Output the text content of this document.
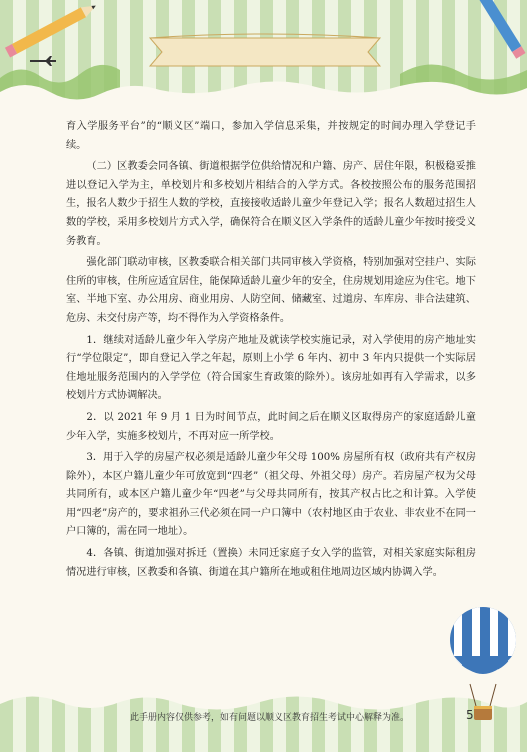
育入学服务平台”的“顺义区”端口，参加入学信息采集，并按规定的时间办理入学登记手续。

（二）区教委会同各镇、街道根据学位供给情况和户籍、房产、居住年限，积极稳妥推进以登记入学为主，单校划片和多校划片相结合的入学方式。各校按照公布的服务范围招生，报名人数少于招生人数的学校，直接接收适龄儿童少年登记入学；报名人数超过招生人数的学校，采用多校划片方式入学，确保符合在顺义区入学条件的适龄儿童少年按时接受义务教育。

强化部门联动审核，区教委联合相关部门共同审核入学资格，特别加强对空挂户、实际住所的审核，住所应适宜居住，能保障适龄儿童少年的安全，住房规划用途应为住宅。地下室、半地下室、办公用房、商业用房、人防空间、储藏室、过道房、车库房、非合法建筑、危房、未交付房产等，均不得作为入学资格条件。

1．继续对适龄儿童少年入学房产地址及就读学校实施记录，对入学使用的房产地址实行“学位限定”，即自登记入学之年起，原则上小学 6 年内、初中 3 年内只提供一个实际居住地址服务范围内的入学学位（符合国家生育政策的除外）。该房址如再有入学需求，以多校划片方式协调解决。

2．以 2021 年 9 月 1 日为时间节点，此时间之后在顺义区取得房产的家庭适龄儿童少年入学，实施多校划片，不再对应一所学校。

3．用于入学的房屋产权必须是适龄儿童少年父母 100% 房屋所有权（政府共有产权房除外），本区户籍儿童少年可放宽到“四老”（祖父母、外祖父母）房产。若房屋产权为父母共同所有，或本区户籍儿童少年“四老”与父母共同所有，按其产权占比之和计算。入学使用“四老”房产的，要求祖孙三代必须在同一户口簿中（农村地区由于农业、非农业不在同一户口簿的，需在同一地址）。

4．各镇、街道加强对拆迁（置换）未同迁家庭子女入学的监管，对相关家庭实际租房情况进行审核，区教委和各镇、街道在其户籍所在地或租住地周边区域内协调入学。

此手册内容仅供参考，如有问题以顺义区教育招生考试中心解释为准。	5
